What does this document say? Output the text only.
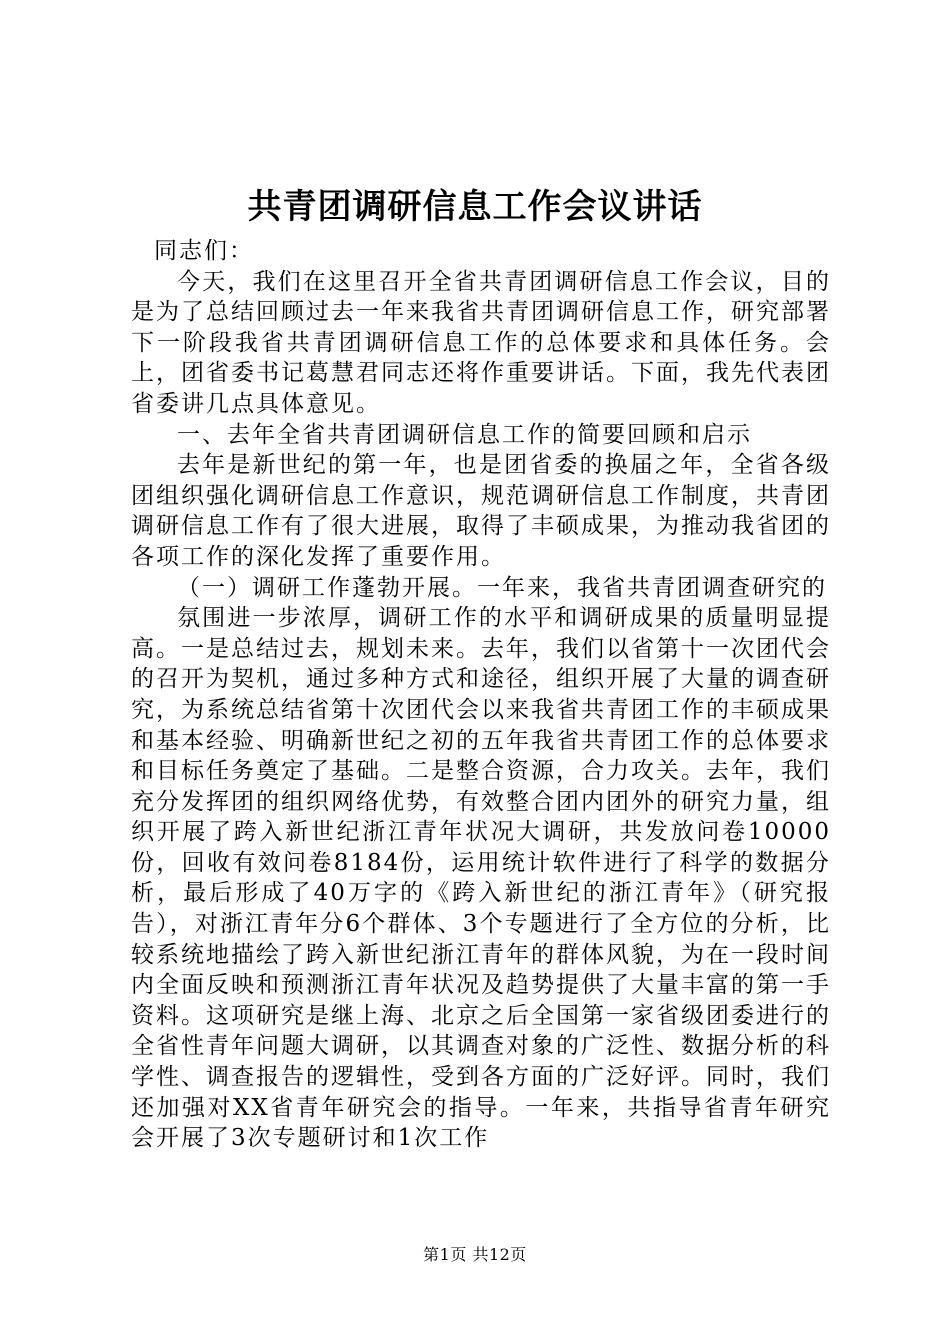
共青团调研信息工作会议讲话

同志们：

今天，我们在这里召开全省共青团调研信息工作会议，目的是为了总结回顾过去一年来我省共青团调研信息工作，研究部署下一阶段我省共青团调研信息工作的总体要求和具体任务。会上，团省委书记葛慧君同志还将作重要讲话。下面，我先代表团省委讲几点具体意见。

一、去年全省共青团调研信息工作的简要回顾和启示

去年是新世纪的第一年，也是团省委的换届之年，全省各级团组织强化调研信息工作意识，规范调研信息工作制度，共青团调研信息工作有了很大进展，取得了丰硕成果，为推动我省团的各项工作的深化发挥了重要作用。

（一）调研工作蓬勃开展。一年来，我省共青团调查研究的

氛围进一步浓厚，调研工作的水平和调研成果的质量明显提高。一是总结过去，规划未来。去年，我们以省第十一次团代会的召开为契机，通过多种方式和途径，组织开展了大量的调查研究，为系统总结省第十次团代会以来我省共青团工作的丰硕成果和基本经验、明确新世纪之初的五年我省共青团工作的总体要求和目标任务奠定了基础。二是整合资源，合力攻关。去年，我们充分发挥团的组织网络优势，有效整合团内团外的研究力量，组织开展了跨入新世纪浙江青年状况大调研，共发放问卷10000份，回收有效问卷8184份，运用统计软件进行了科学的数据分析，最后形成了40万字的《跨入新世纪的浙江青年》（研究报告），对浙江青年分6个群体、3个专题进行了全方位的分析，比较系统地描绘了跨入新世纪浙江青年的群体风貌，为在一段时间内全面反映和预测浙江青年状况及趋势提供了大量丰富的第一手资料。这项研究是继上海、北京之后全国第一家省级团委进行的全省性青年问题大调研，以其调查对象的广泛性、数据分析的科学性、调查报告的逻辑性，受到各方面的广泛好评。同时，我们还加强对XX省青年研究会的指导。一年来，共指导省青年研究会开展了3次专题研讨和1次工作

第1页 共12页
